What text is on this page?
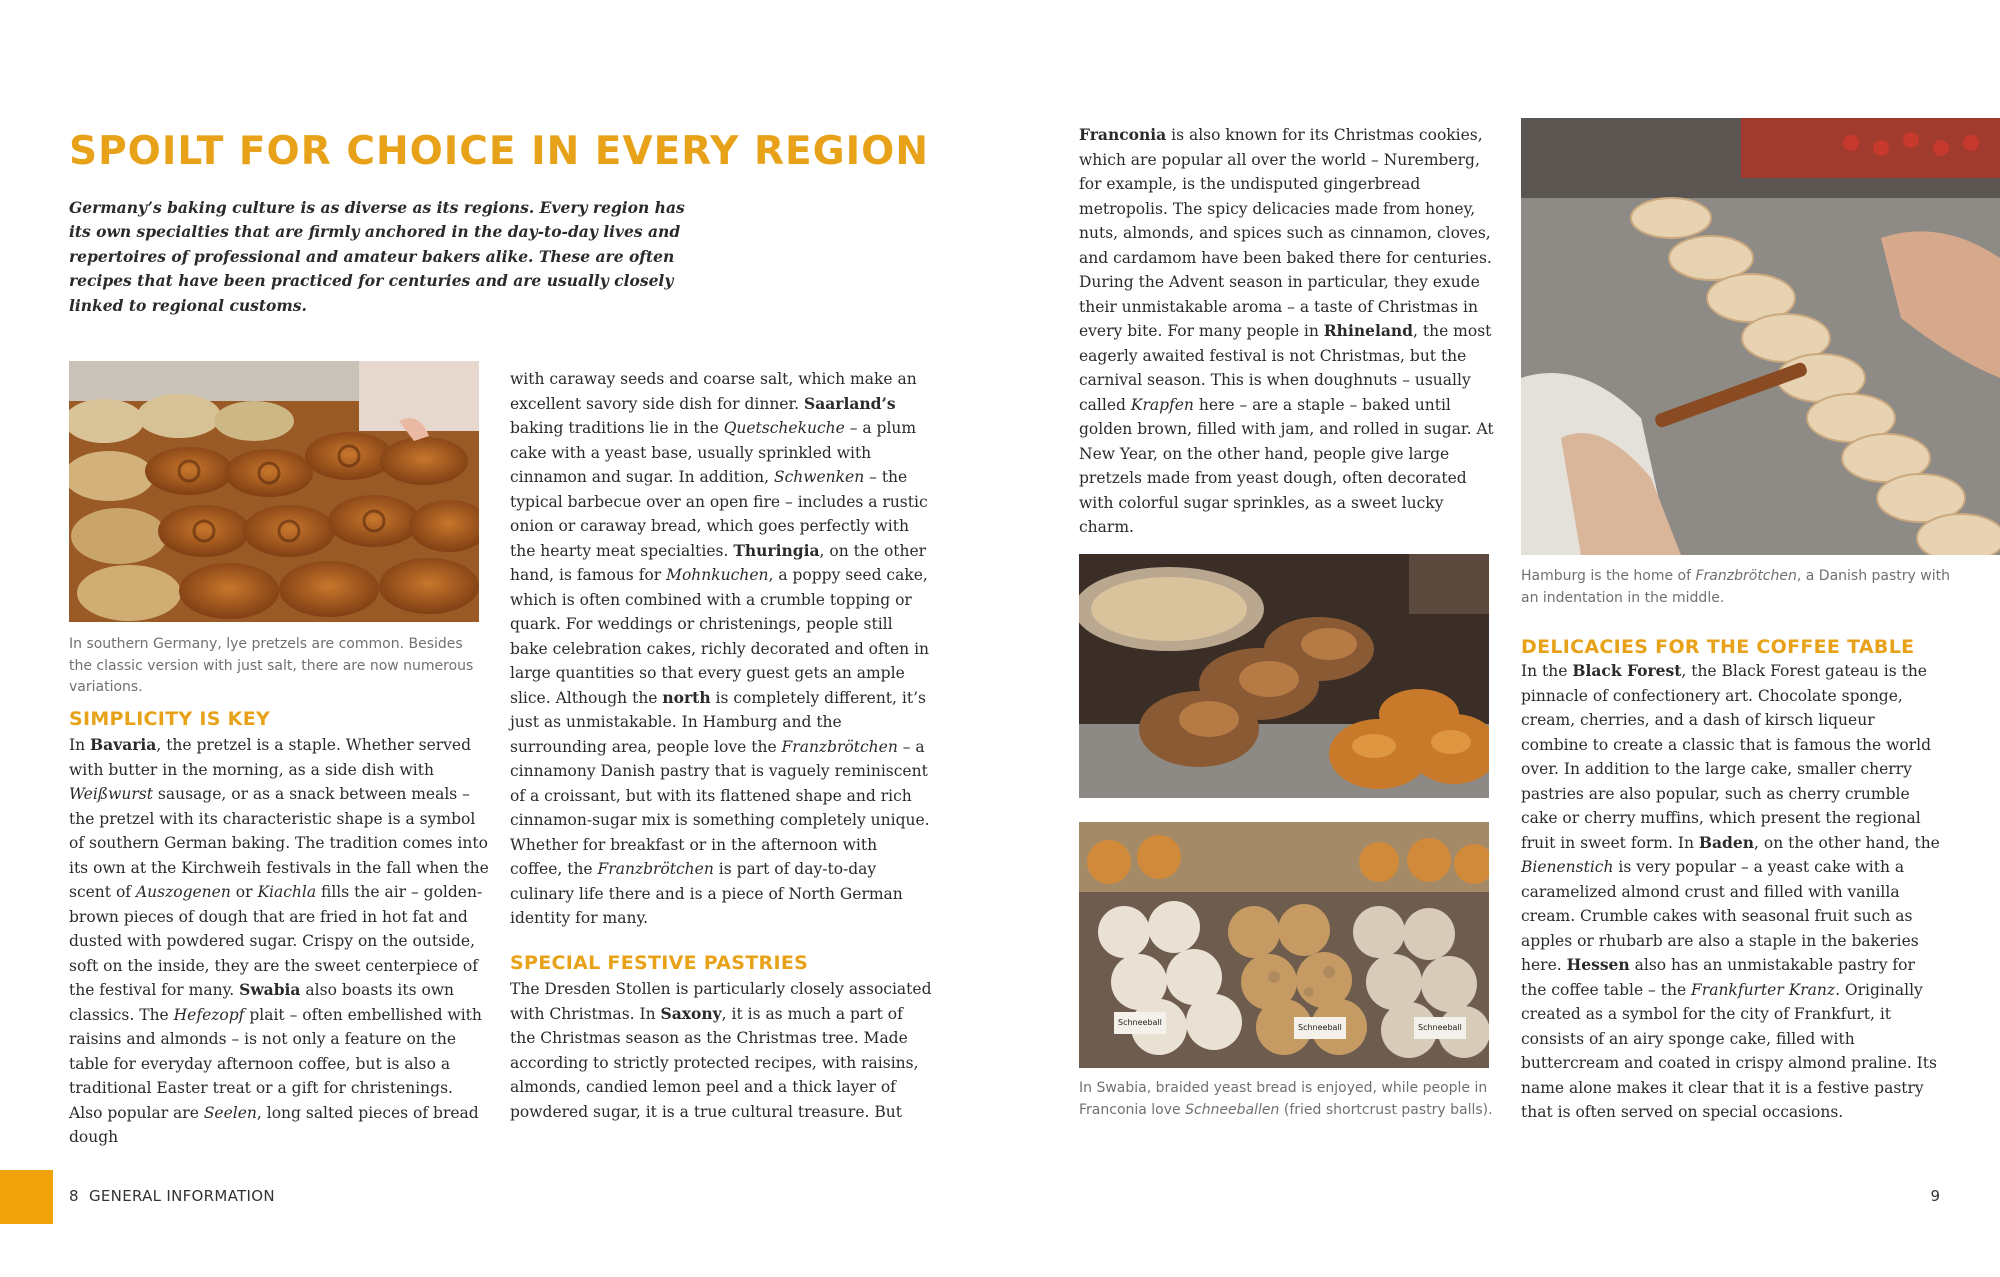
SPOILT FOR CHOICE IN EVERY REGION
Germany’s baking culture is as diverse as its regions. Every region has its own specialties that are firmly anchored in the day-to-day lives and repertoires of professional and amateur bakers alike. These are often recipes that have been practiced for centuries and are usually closely linked to regional customs.
In southern Germany, lye pretzels are common. Besides the classic version with just salt, there are now numerous variations.
SIMPLICITY IS KEY

In Bavaria, the pretzel is a staple. Whether served with butter in the morning, as a side dish with Weißwurst sausage, or as a snack between meals – the pretzel with its characteristic shape is a symbol of southern German baking. The tradition comes into its own at the Kirchweih festivals in the fall when the scent of Auszogenen or Kiachla fills the air – golden-brown pieces of dough that are fried in hot fat and dusted with powdered sugar. Crispy on the outside, soft on the inside, they are the sweet centerpiece of the festival for many. Swabia also boasts its own classics. The Hefezopf plait – often embellished with raisins and almonds – is not only a feature on the table for everyday afternoon coffee, but is also a traditional Easter treat or a gift for christenings. Also popular are Seelen, long salted pieces of bread dough

with caraway seeds and coarse salt, which make an excellent savory side dish for dinner. Saarland’s baking traditions lie in the Quetschekuche – a plum cake with a yeast base, usually sprinkled with cinnamon and sugar. In addition, Schwenken – the typical barbecue over an open fire – includes a rustic onion or caraway bread, which goes perfectly with the hearty meat specialties. Thuringia, on the other hand, is famous for Mohnkuchen, a poppy seed cake, which is often combined with a crumble topping or quark. For weddings or christenings, people still bake celebration cakes, richly decorated and often in large quantities so that every guest gets an ample slice. Although the north is completely different, it’s just as unmistakable. In Hamburg and the surrounding area, people love the Franzbrötchen – a cinnamony Danish pastry that is vaguely reminiscent of a croissant, but with its flattened shape and rich cinnamon-sugar mix is something completely unique. Whether for breakfast or in the afternoon with coffee, the Franzbrötchen is part of day-to-day culinary life there and is a piece of North German identity for many.

SPECIAL FESTIVE PASTRIES

The Dresden Stollen is particularly closely associated with Christmas. In Saxony, it is as much a part of the Christmas season as the Christmas tree. Made according to strictly protected recipes, with raisins, almonds, candied lemon peel and a thick layer of powdered sugar, it is a true cultural treasure. But

Franconia is also known for its Christmas cookies, which are popular all over the world – Nuremberg, for example, is the undisputed gingerbread metropolis. The spicy delicacies made from honey, nuts, almonds, and spices such as cinnamon, cloves, and cardamom have been baked there for centuries. During the Advent season in particular, they exude their unmistakable aroma – a taste of Christmas in every bite. For many people in Rhineland, the most eagerly awaited festival is not Christmas, but the carnival season. This is when doughnuts – usually called Krapfen here – are a staple – baked until golden brown, filled with jam, and rolled in sugar. At New Year, on the other hand, people give large pretzels made from yeast dough, often decorated with colorful sugar sprinkles, as a sweet lucky charm.

Schneeball
Schneeball	Schneeball
In Swabia, braided yeast bread is enjoyed, while people in Franconia love Schneeballen (fried shortcrust pastry balls).
Hamburg is the home of Franzbrötchen, a Danish pastry with an indentation in the middle.
DELICACIES FOR THE COFFEE TABLE

In the Black Forest, the Black Forest gateau is the pinnacle of confectionery art. Chocolate sponge, cream, cherries, and a dash of kirsch liqueur combine to create a classic that is famous the world over. In addition to the large cake, smaller cherry pastries are also popular, such as cherry crumble cake or cherry muffins, which present the regional fruit in sweet form. In Baden, on the other hand, the Bienenstich is very popular – a yeast cake with a caramelized almond crust and filled with vanilla cream. Crumble cakes with seasonal fruit such as apples or rhubarb are also a staple in the bakeries here. Hessen also has an unmistakable pastry for the coffee table – the Frankfurter Kranz. Originally created as a symbol for the city of Frankfurt, it consists of an airy sponge cake, filled with buttercream and coated in crispy almond praline. Its name alone makes it clear that it is a festive pastry that is often served on special occasions.

8 GENERAL INFORMATION	9
